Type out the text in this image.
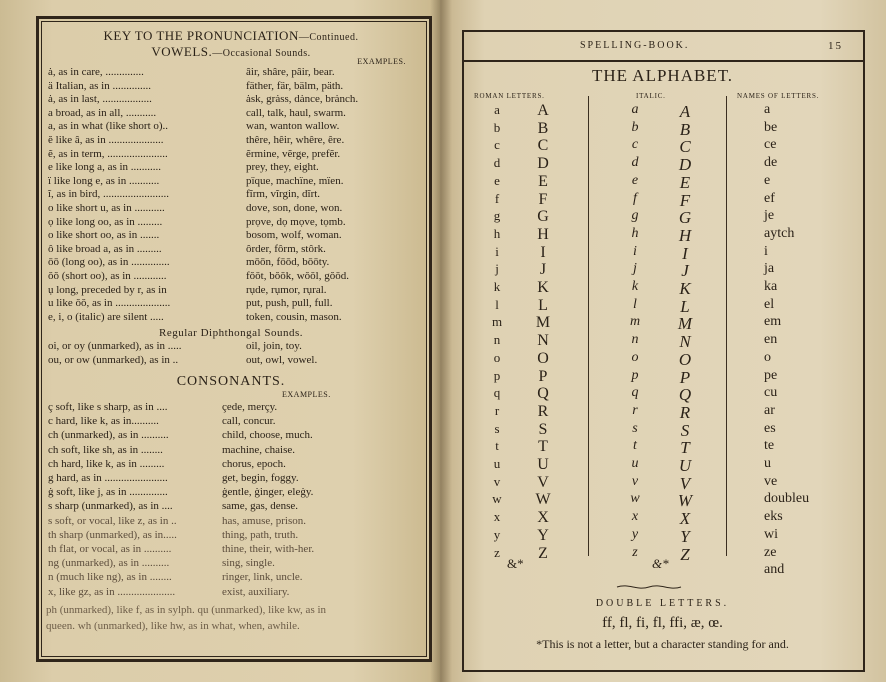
KEY TO THE PRONUNCIATION—Continued.
VOWELS.—Occasional Sounds.
EXAMPLES.
Regular Diphthongal Sounds.
CONSONANTS.
EXAMPLES.
ph (unmarked), like f, as in sylph. qu (unmarked), like kw, as in
queen. wh (unmarked), like hw, as in what, when, awhile.
ȧ, as in care, ..............	âir, shâre, pâir, bear.
ä Italian, as in ..............	fäther, fär, bälm, päth.
ȧ, as in last, ..................	ȧsk, grȧss, dȧnce, brȧnch.
a broad, as in all, ...........	call, talk, haul, swarm.
a, as in what (like short o)..	wan, wanton wallow.
ĕ like â, as in ....................	thêre, hêir, whêre, êre.
ẽ, as in term, ......................	ẽrmine, vẽrge, prefẽr.
e like long a, as in ...........	prey, they, eight.
ï like long e, as in ...........	pïque, machïne, mïen.
ĩ, as in bird, ........................	fĩrm, vĩrgin, dĩrt.
o like short u, as in ...........	dove, son, done, won.
ọ like long oo, as in .........	prọve, dọ mọve, tọmb.
o like short oo, as in .......	bosom, wolf, woman.
ô like broad a, as in .........	ôrder, fôrm, stôrk.
ōō (long oo), as in ..............	mōōn, fōōd, bōōty.
ŏŏ (short oo), as in ............	fŏŏt, bŏŏk, wŏŏl, gŏŏd.
ụ long, preceded by r, as in	rụde, rụmor, rụral.
u like ŏŏ, as in ....................	put, push, pull, full.
e, i, o (italic) are silent .....	token, cousin, mason.
oi, or oy (unmarked), as in .....	oil, join, toy.
ou, or ow (unmarked), as in ..	out, owl, vowel.
ç soft, like s sharp, as in ....	çede, merçy.
c hard, like k, as in..........	call, concur.
ch (unmarked), as in ..........	child, choose, much.
ch soft, like sh, as in ........	machine, chaise.
ch hard, like k, as in .........	chorus, epoch.
g hard, as in .......................	get, begin, foggy.
ġ soft, like j, as in ..............	ġentle, ġinger, eleġy.
s sharp (unmarked), as in ....	same, gas, dense.
s soft, or vocal, like z, as in ..	has, amuse, prison.
th sharp (unmarked), as in.....	thing, path, truth.
th flat, or vocal, as in ..........	thine, their, with-her.
ng (unmarked), as in ..........	sing, single.
n (much like ng), as in ........	ringer, link, uncle.
x, like gz, as in .....................	exist, auxiliary.
SPELLING-BOOK.	15
THE ALPHABET.
ROMAN LETTERS.	ITALIC.	NAMES OF LETTERS.
a	A	a	A	a
b	B	b	B	be
c	C	c	C	ce
d	D	d	D	de
e	E	e	E	e
f	F	f	F	ef
g	G	g	G	je
h	H	h	H	aytch
i	I	i	I	i
j	J	j	J	ja
k	K	k	K	ka
l	L	l	L	el
m	M	m	M	em
n	N	n	N	en
o	O	o	O	o
p	P	p	P	pe
q	Q	q	Q	cu
r	R	r	R	ar
s	S	s	S	es
t	T	t	T	te
u	U	u	U	u
v	V	v	V	ve
w	W	w	W	doubleu
x	X	x	X	eks
y	Y	y	Y	wi
z	Z	z	Z	ze
&*	&*	and
DOUBLE LETTERS.
ff, fl, fi, fl, ffi, æ, œ.
*This is not a letter, but a character standing for and.
